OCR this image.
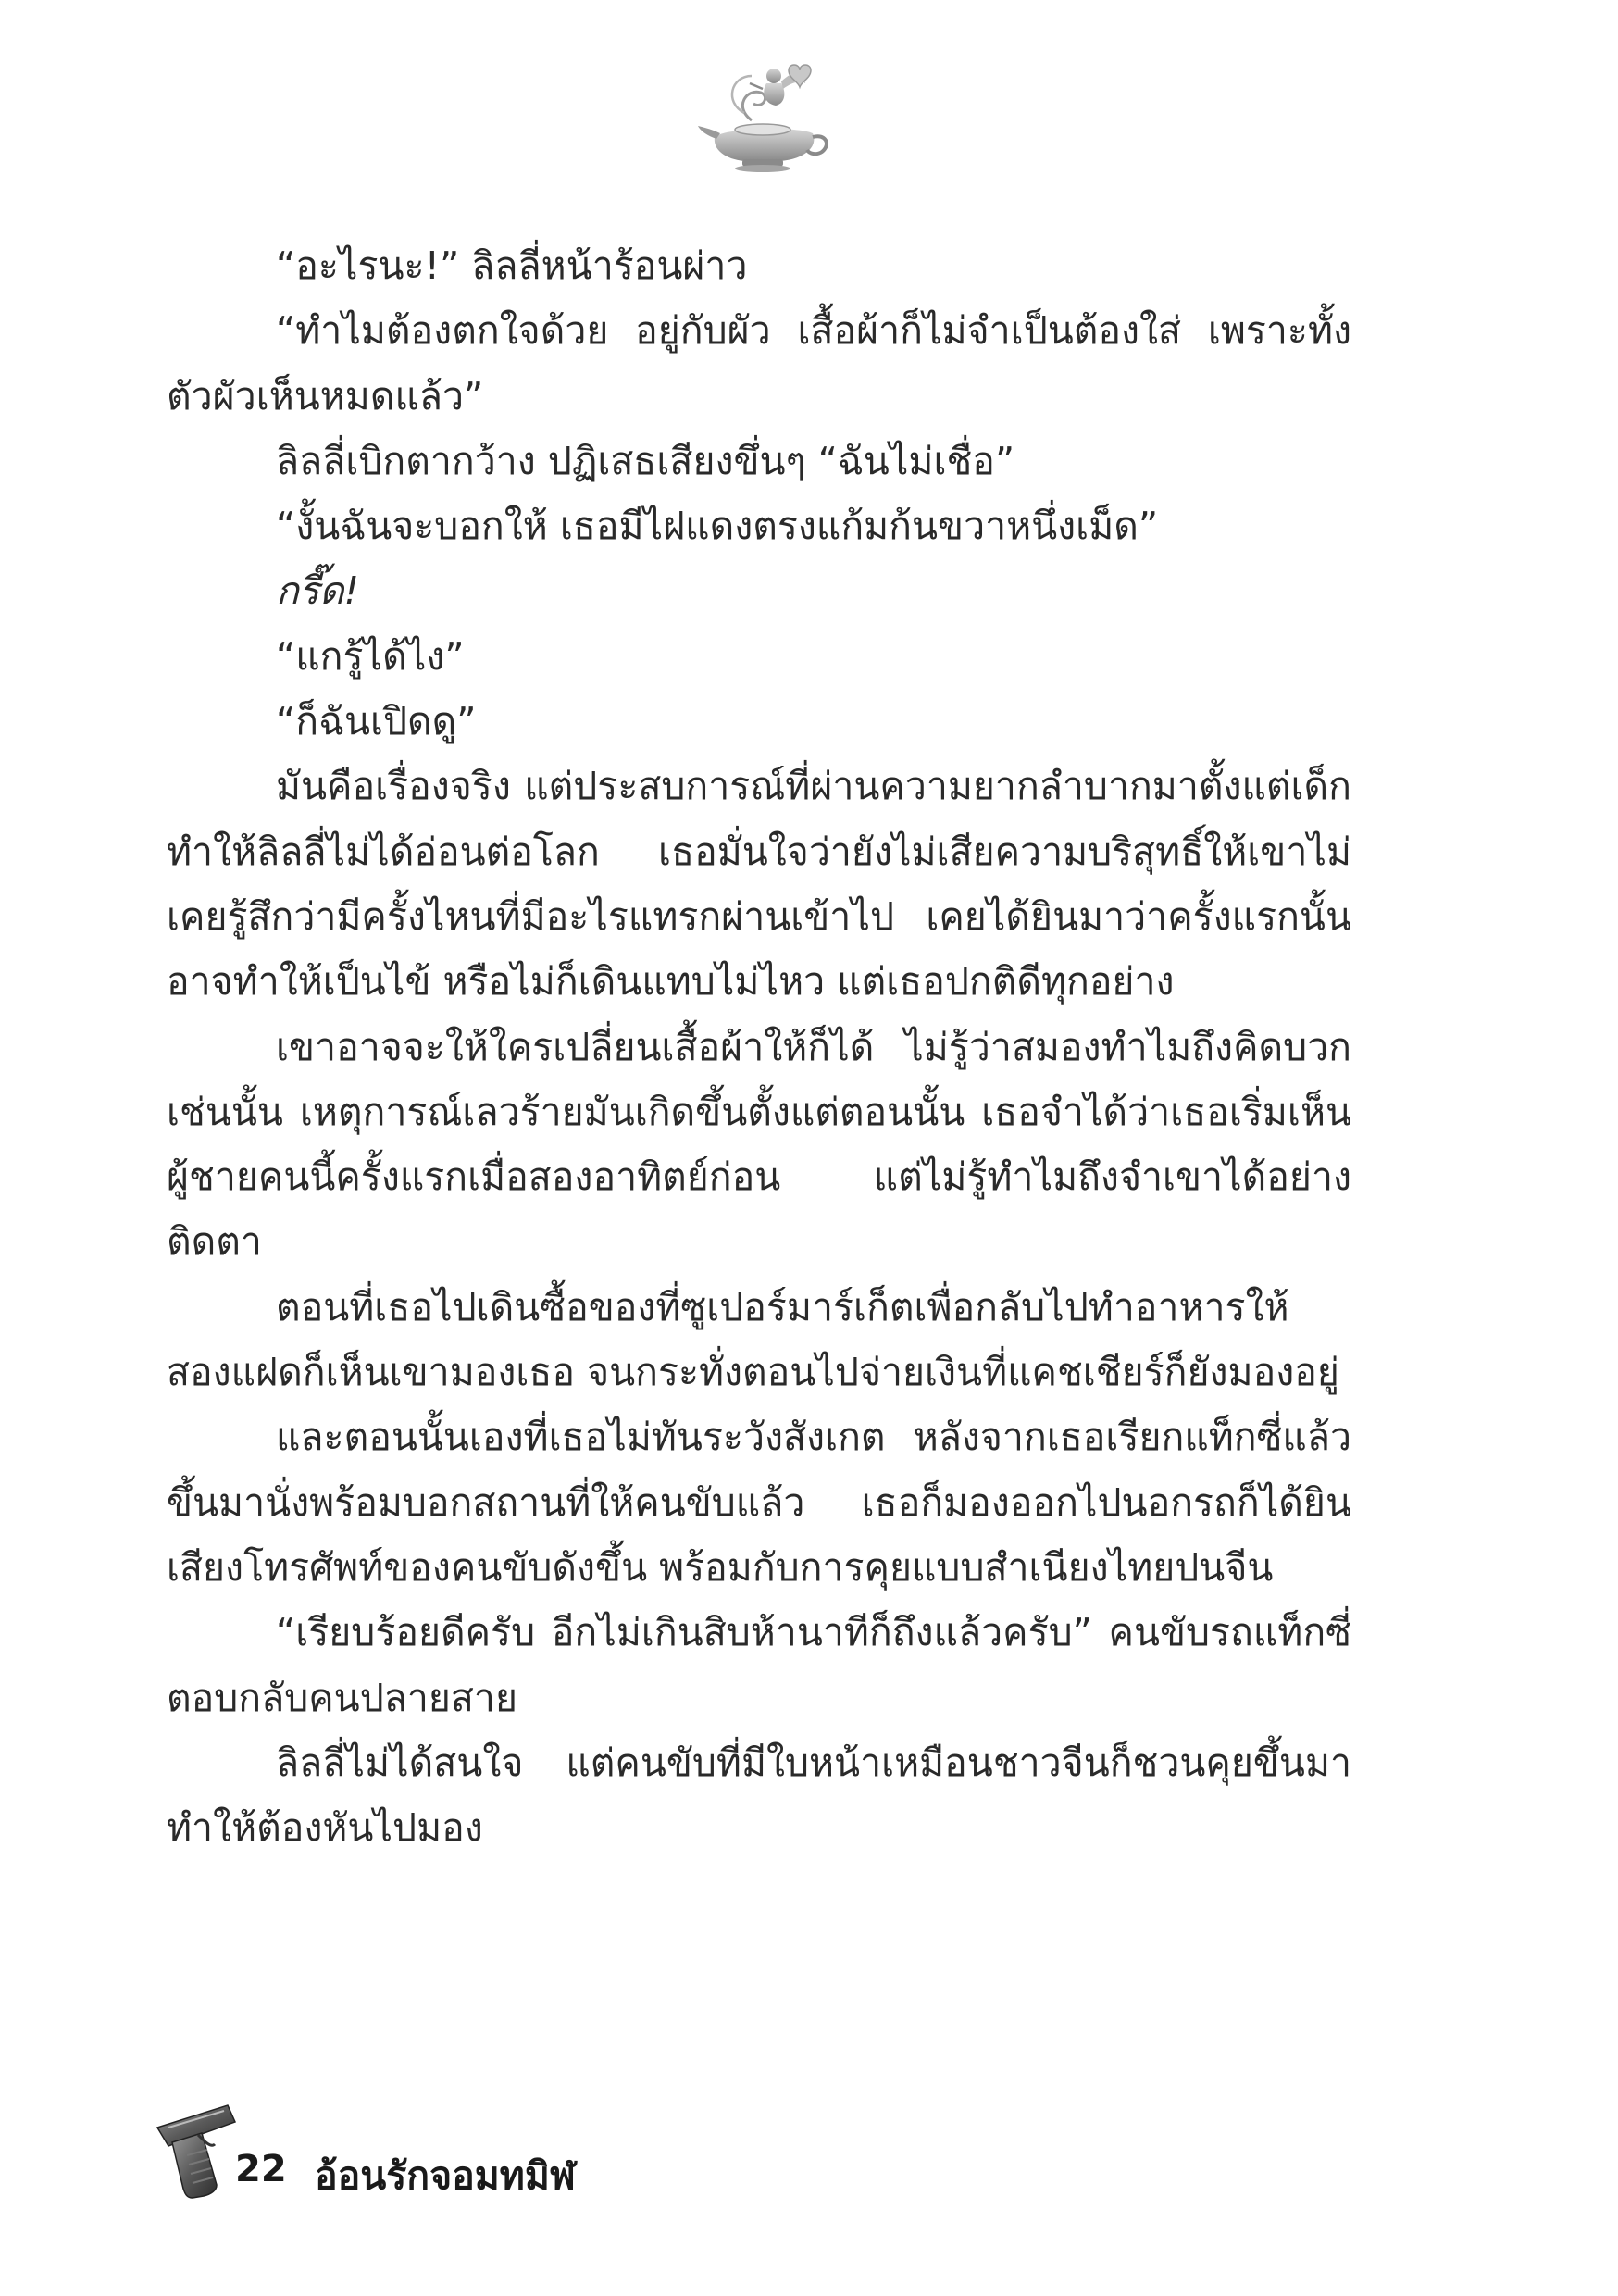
“อะไรนะ!” ลิลลี่หน้าร้อนผ่าว

“ทำไมต้องตกใจด้วย อยู่กับผัว เสื้อผ้าก็ไม่จำเป็นต้องใส่ เพราะทั้งตัวผัวเห็นหมดแล้ว”

ลิลลี่เบิกตากว้าง ปฏิเสธเสียงขึ่นๆ “ฉันไม่เชื่อ”

“งั้นฉันจะบอกให้ เธอมีไฝแดงตรงแก้มก้นขวาหนึ่งเม็ด”

กรี๊ด!

“แกรู้ได้ไง”

“ก็ฉันเปิดดู”

มันคือเรื่องจริง แต่ประสบการณ์ที่ผ่านความยากลำบากมาตั้งแต่เด็กทำให้ลิลลี่ไม่ได้อ่อนต่อโลก เธอมั่นใจว่ายังไม่เสียความบริสุทธิ์ให้เขาไม่เคยรู้สึกว่ามีครั้งไหนที่มีอะไรแทรกผ่านเข้าไป เคยได้ยินมาว่าครั้งแรกนั้นอาจทำให้เป็นไข้ หรือไม่ก็เดินแทบไม่ไหว แต่เธอปกติดีทุกอย่าง

เขาอาจจะให้ใครเปลี่ยนเสื้อผ้าให้ก็ได้ ไม่รู้ว่าสมองทำไมถึงคิดบวกเช่นนั้น เหตุการณ์เลวร้ายมันเกิดขึ้นตั้งแต่ตอนนั้น เธอจำได้ว่าเธอเริ่มเห็นผู้ชายคนนี้ครั้งแรกเมื่อสองอาทิตย์ก่อน แต่ไม่รู้ทำไมถึงจำเขาได้อย่างติดตา

ตอนที่เธอไปเดินซื้อของที่ซูเปอร์มาร์เก็ตเพื่อกลับไปทำอาหารให้สองแฝดก็เห็นเขามองเธอ จนกระทั่งตอนไปจ่ายเงินที่แคชเชียร์ก็ยังมองอยู่

และตอนนั้นเองที่เธอไม่ทันระวังสังเกต หลังจากเธอเรียกแท็กซี่แล้วขึ้นมานั่งพร้อมบอกสถานที่ให้คนขับแล้ว เธอก็มองออกไปนอกรถก็ได้ยินเสียงโทรศัพท์ของคนขับดังขึ้น พร้อมกับการคุยแบบสำเนียงไทยปนจีน

“เรียบร้อยดีครับ อีกไม่เกินสิบห้านาทีก็ถึงแล้วครับ” คนขับรถแท็กซี่ตอบกลับคนปลายสาย

ลิลลี่ไม่ได้สนใจ แต่คนขับที่มีใบหน้าเหมือนชาวจีนก็ชวนคุยขึ้นมาทำให้ต้องหันไปมอง

22 อ้อนรักจอมทมิฬ
